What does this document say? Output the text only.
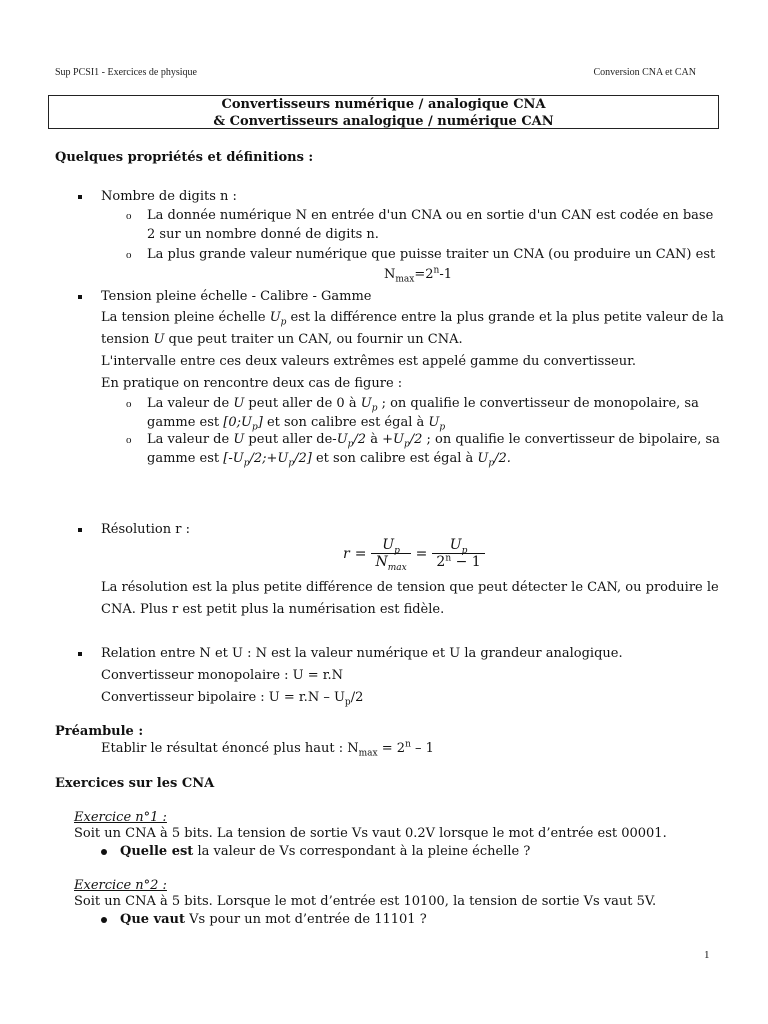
Sup PCSI1 - Exercices de physique	Conversion CNA et CAN
Convertisseurs numérique / analogique CNA
& Convertisseurs analogique / numérique CAN
Quelques propriétés et définitions :
Nombre de digits n :
o La donnée numérique N en entrée d'un CNA ou en sortie d'un CAN est codée en base
2 sur un nombre donné de digits n.
o La plus grande valeur numérique que puisse traiter un CNA (ou produire un CAN) est
$N_{max}=2^n-1$
Tension pleine échelle - Calibre - Gamme
La tension pleine échelle $U_p$ est la différence entre la plus grande et la plus petite valeur de la
tension U que peut traiter un CAN, ou fournir un CNA.
L'intervalle entre ces deux valeurs extrêmes est appelé gamme du convertisseur.
En pratique on rencontre deux cas de figure :
o La valeur de U peut aller de 0 à $U_p$ ; on qualifie le convertisseur de monopolaire, sa
gamme est $[0;U_p]$ et son calibre est égal à $U_p$
o La valeur de U peut aller $de-U_p/2$ à $+U_p/2$ ; on qualifie le convertisseur de bipolaire, sa
gamme est $[-U_p/2;+U_p/2]$ et son calibre est égal à $U_p/2$.
Résolution r :
$r = \frac{U_p}{N_{max}} = \frac{U_p}{2^n - 1}$
La résolution est la plus petite différence de tension que peut détecter le CAN, ou produire le
CNA. Plus r est petit plus la numérisation est fidèle.
Relation entre N et U : N est la valeur numérique et U la grandeur analogique.
Convertisseur monopolaire : U = r.N
Convertisseur bipolaire : $U = r.N - U_p/2$
Préambule :
Etablir le résultat énoncé plus haut : $N_{max} = 2^n - 1$
Exercices sur les CNA
Exercice n°1 :
Soit un CNA à 5 bits. La tension de sortie Vs vaut 0.2V lorsque le mot d’entrée est 00001.
Quelle est la valeur de Vs correspondant à la pleine échelle ?
Exercice n°2 :
Soit un CNA à 5 bits. Lorsque le mot d’entrée est 10100, la tension de sortie Vs vaut 5V.
Que vaut Vs pour un mot d’entrée de 11101 ?
1
